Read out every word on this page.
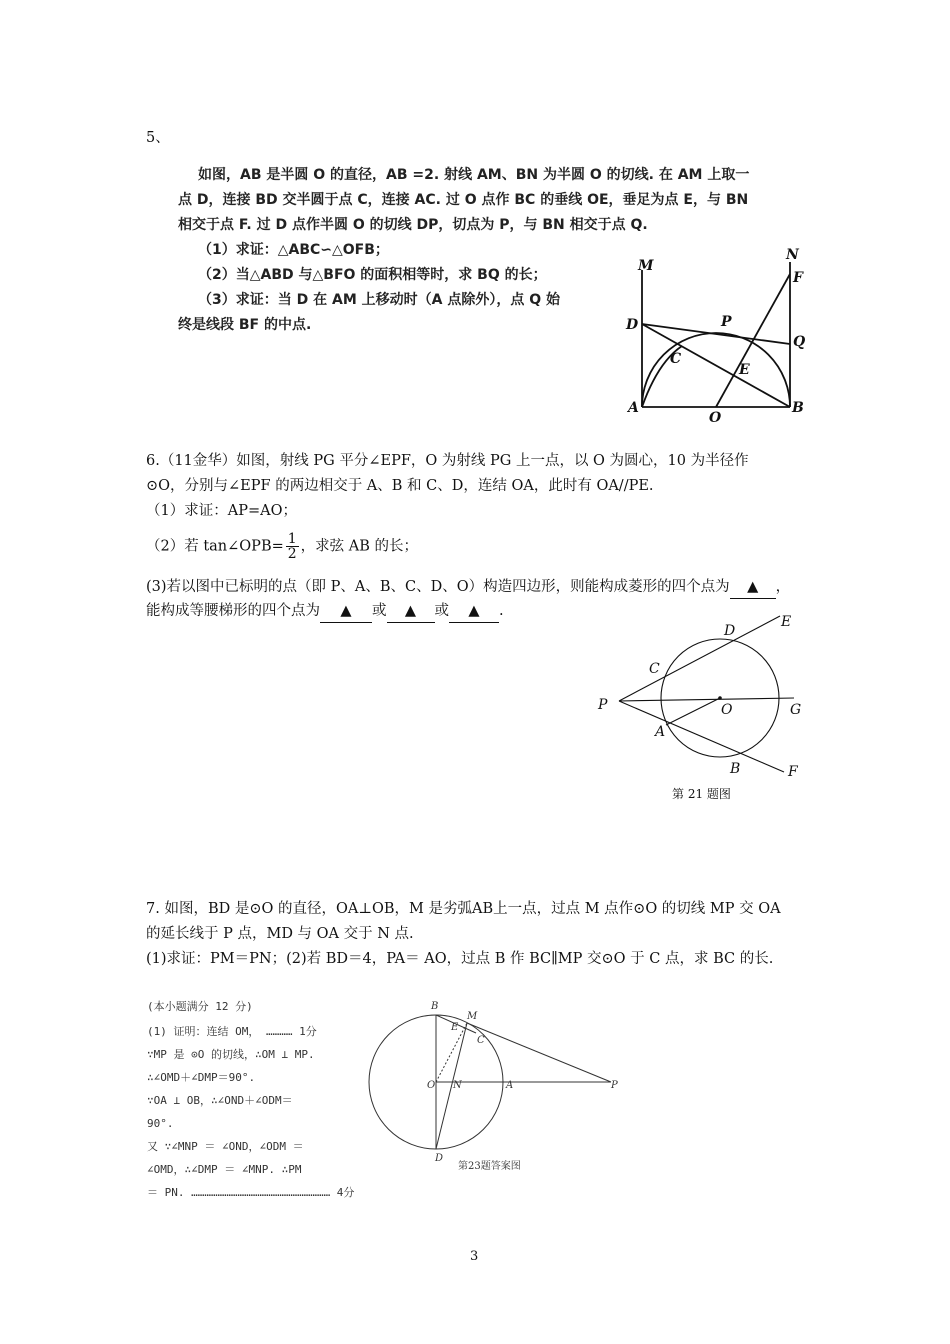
5、
如图，AB 是半圆 O 的直径，AB =2. 射线 AM、BN 为半圆 O 的切线. 在 AM 上取一
点 D，连接 BD 交半圆于点 C，连接 AC. 过 O 点作 BC 的垂线 OE，垂足为点 E，与 BN
相交于点 F. 过 D 点作半圆 O 的切线 DP，切点为 P，与 BN 相交于点 Q.
（1）求证：△ABC∽△OFB；
（2）当△ABD 与△BFO 的面积相等时，求 BQ 的长；
（3）求证：当 D 在 AM 上移动时（A 点除外），点 Q 始
终是线段 BF 的中点.
M
N
F
D	P
Q
C
E
A
O
B
6.（11金华）如图，射线 PG 平分∠EPF，O 为射线 PG 上一点，以 O 为圆心，10 为半径作
⊙O，分别与∠EPF 的两边相交于 A、B 和 C、D，连结 OA，此时有 OA//PE.
（1）求证：AP=AO；
（2）若 tan∠OPB= $\frac{1}{2}$ ，求弦 AB 的长；
(3)若以图中已标明的点（即 P、A、B、C、D、O）构造四边形，则能构成菱形的四个点为 ▲ ，
能构成等腰梯形的四个点为 ▲ 或 ▲ 或 ▲ .
D
E
C
P	O	G
A
B	F
第 21 题图
7. 如图，BD 是⊙O 的直径，OA⊥OB，M 是劣弧AB上一点，过点 M 点作⊙O 的切线 MP 交 OA
的延长线于 P 点，MD 与 OA 交于 N 点.
(1)求证：PM＝PN；(2)若 BD＝4，PA＝ AO，过点 B 作 BC∥MP 交⊙O 于 C 点，求 BC 的长.
(本小题满分 12 分)
(1) 证明：连结 OM， ………… 1分
∵MP 是 ⊙O 的切线，∴OM ⊥ MP.
∴∠OMD＋∠DMP＝90°.
∵OA ⊥ OB，∴∠OND＋∠ODM＝
90°.
又 ∵∠MNP ＝ ∠OND，∠ODM ＝
∠OMD，∴∠DMP ＝ ∠MNP. ∴PM
＝ PN. ……………………………………………………… 4分
B
M
E
C
O N	A	P
D
第23题答案图
3
